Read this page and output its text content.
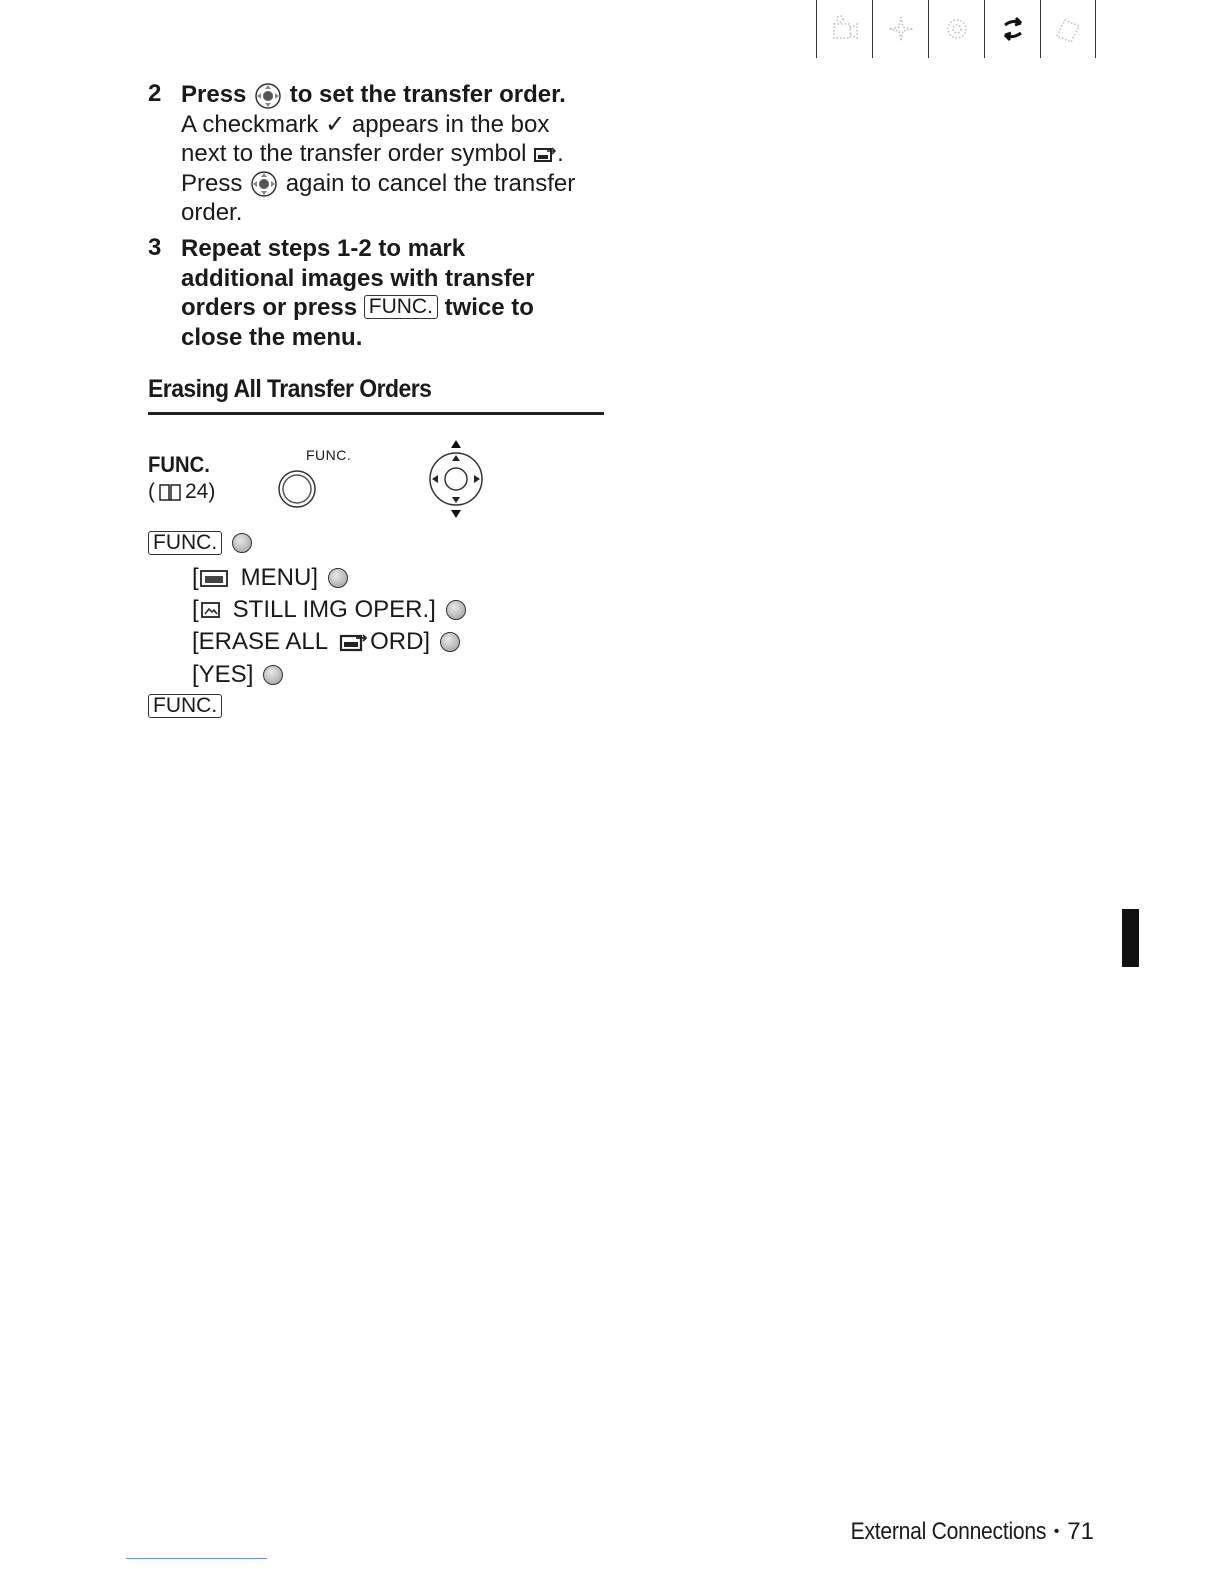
2 Press to set the transfer order.
A checkmark ✓ appears in the box
next to the transfer order symbol .
Press again to cancel the transfer
order.
3 Repeat steps 1-2 to mark
additional images with transfer
orders or press FUNC. twice to
close the menu.
Erasing All Transfer Orders
FUNC.
( 24)
FUNC.
FUNC.
[ MENU]
[ STILL IMG OPER.]
[ERASE ALL ORD]
[YES]
FUNC.
External Connections • 71
